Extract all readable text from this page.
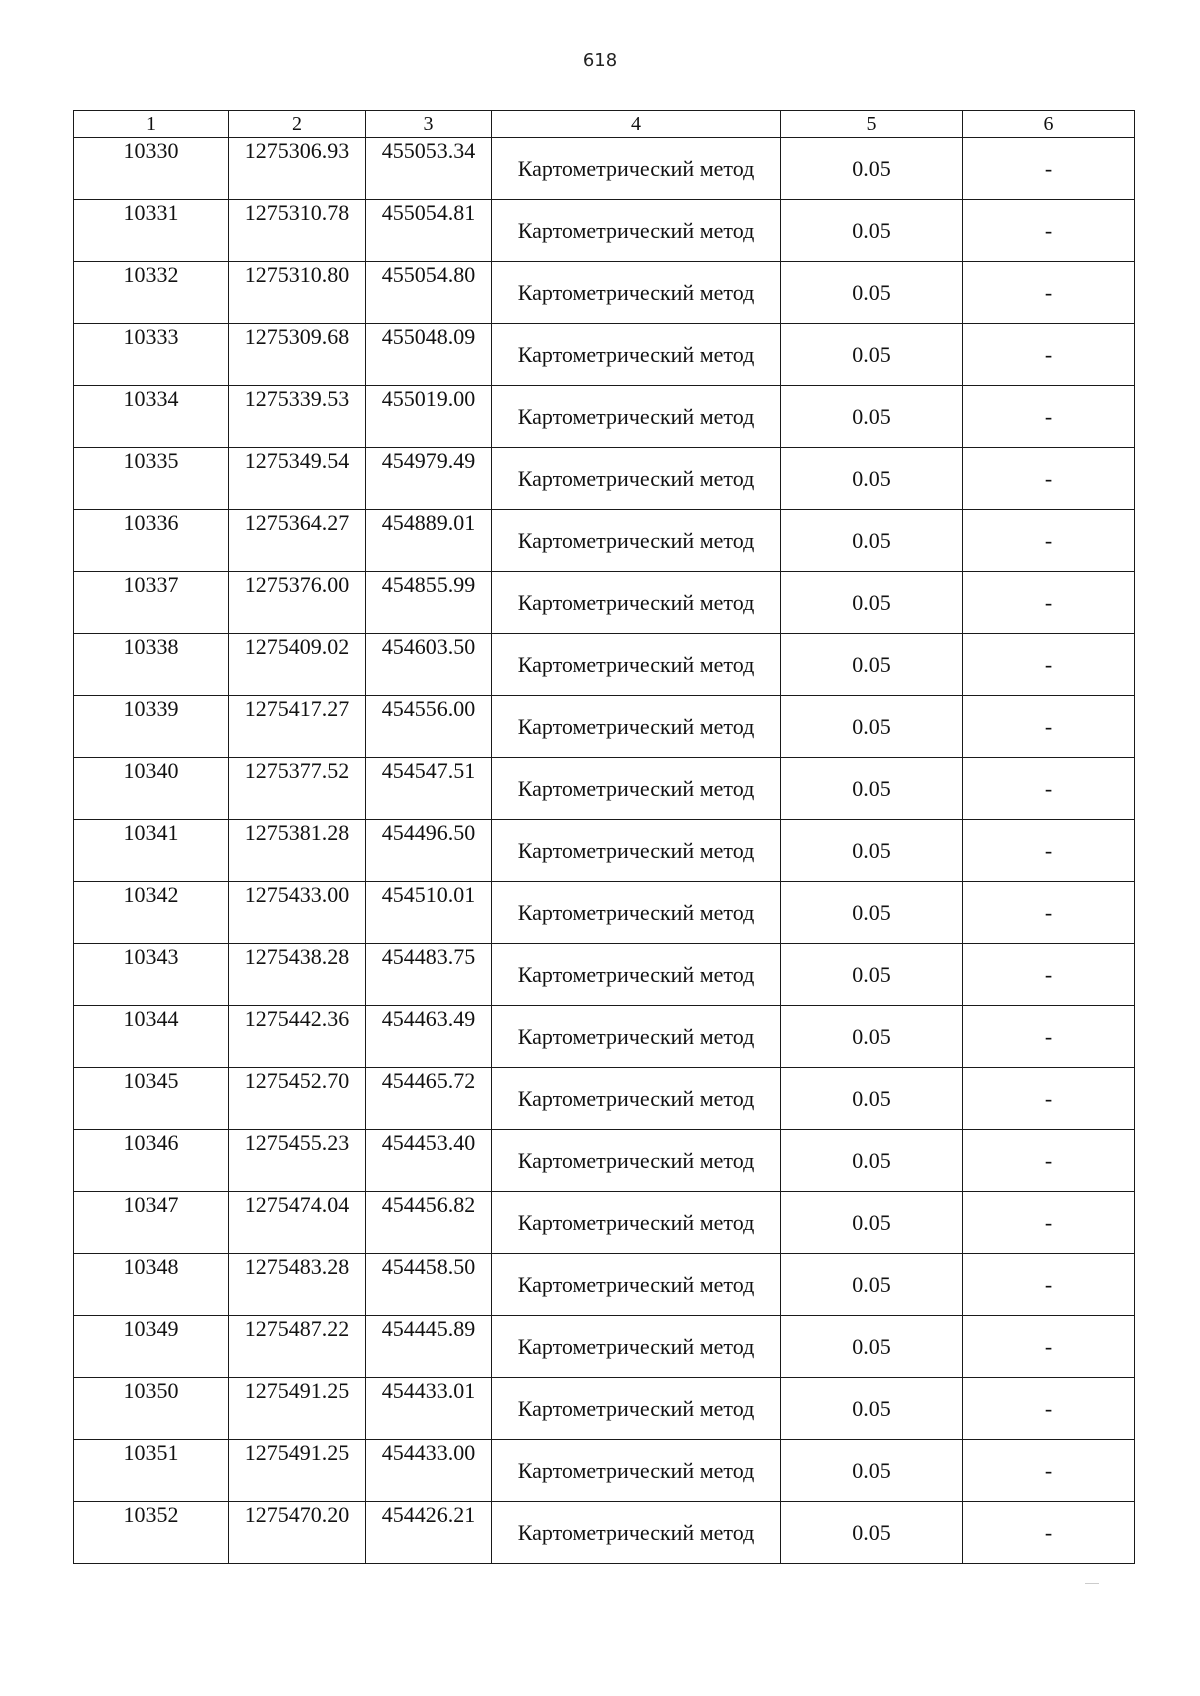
618
1	2	3	4	5	6
10330	1275306.93	455053.34	Картометрический метод	0.05	-
10331	1275310.78	455054.81	Картометрический метод	0.05	-
10332	1275310.80	455054.80	Картометрический метод	0.05	-
10333	1275309.68	455048.09	Картометрический метод	0.05	-
10334	1275339.53	455019.00	Картометрический метод	0.05	-
10335	1275349.54	454979.49	Картометрический метод	0.05	-
10336	1275364.27	454889.01	Картометрический метод	0.05	-
10337	1275376.00	454855.99	Картометрический метод	0.05	-
10338	1275409.02	454603.50	Картометрический метод	0.05	-
10339	1275417.27	454556.00	Картометрический метод	0.05	-
10340	1275377.52	454547.51	Картометрический метод	0.05	-
10341	1275381.28	454496.50	Картометрический метод	0.05	-
10342	1275433.00	454510.01	Картометрический метод	0.05	-
10343	1275438.28	454483.75	Картометрический метод	0.05	-
10344	1275442.36	454463.49	Картометрический метод	0.05	-
10345	1275452.70	454465.72	Картометрический метод	0.05	-
10346	1275455.23	454453.40	Картометрический метод	0.05	-
10347	1275474.04	454456.82	Картометрический метод	0.05	-
10348	1275483.28	454458.50	Картометрический метод	0.05	-
10349	1275487.22	454445.89	Картометрический метод	0.05	-
10350	1275491.25	454433.01	Картометрический метод	0.05	-
10351	1275491.25	454433.00	Картометрический метод	0.05	-
10352	1275470.20	454426.21	Картометрический метод	0.05	-
